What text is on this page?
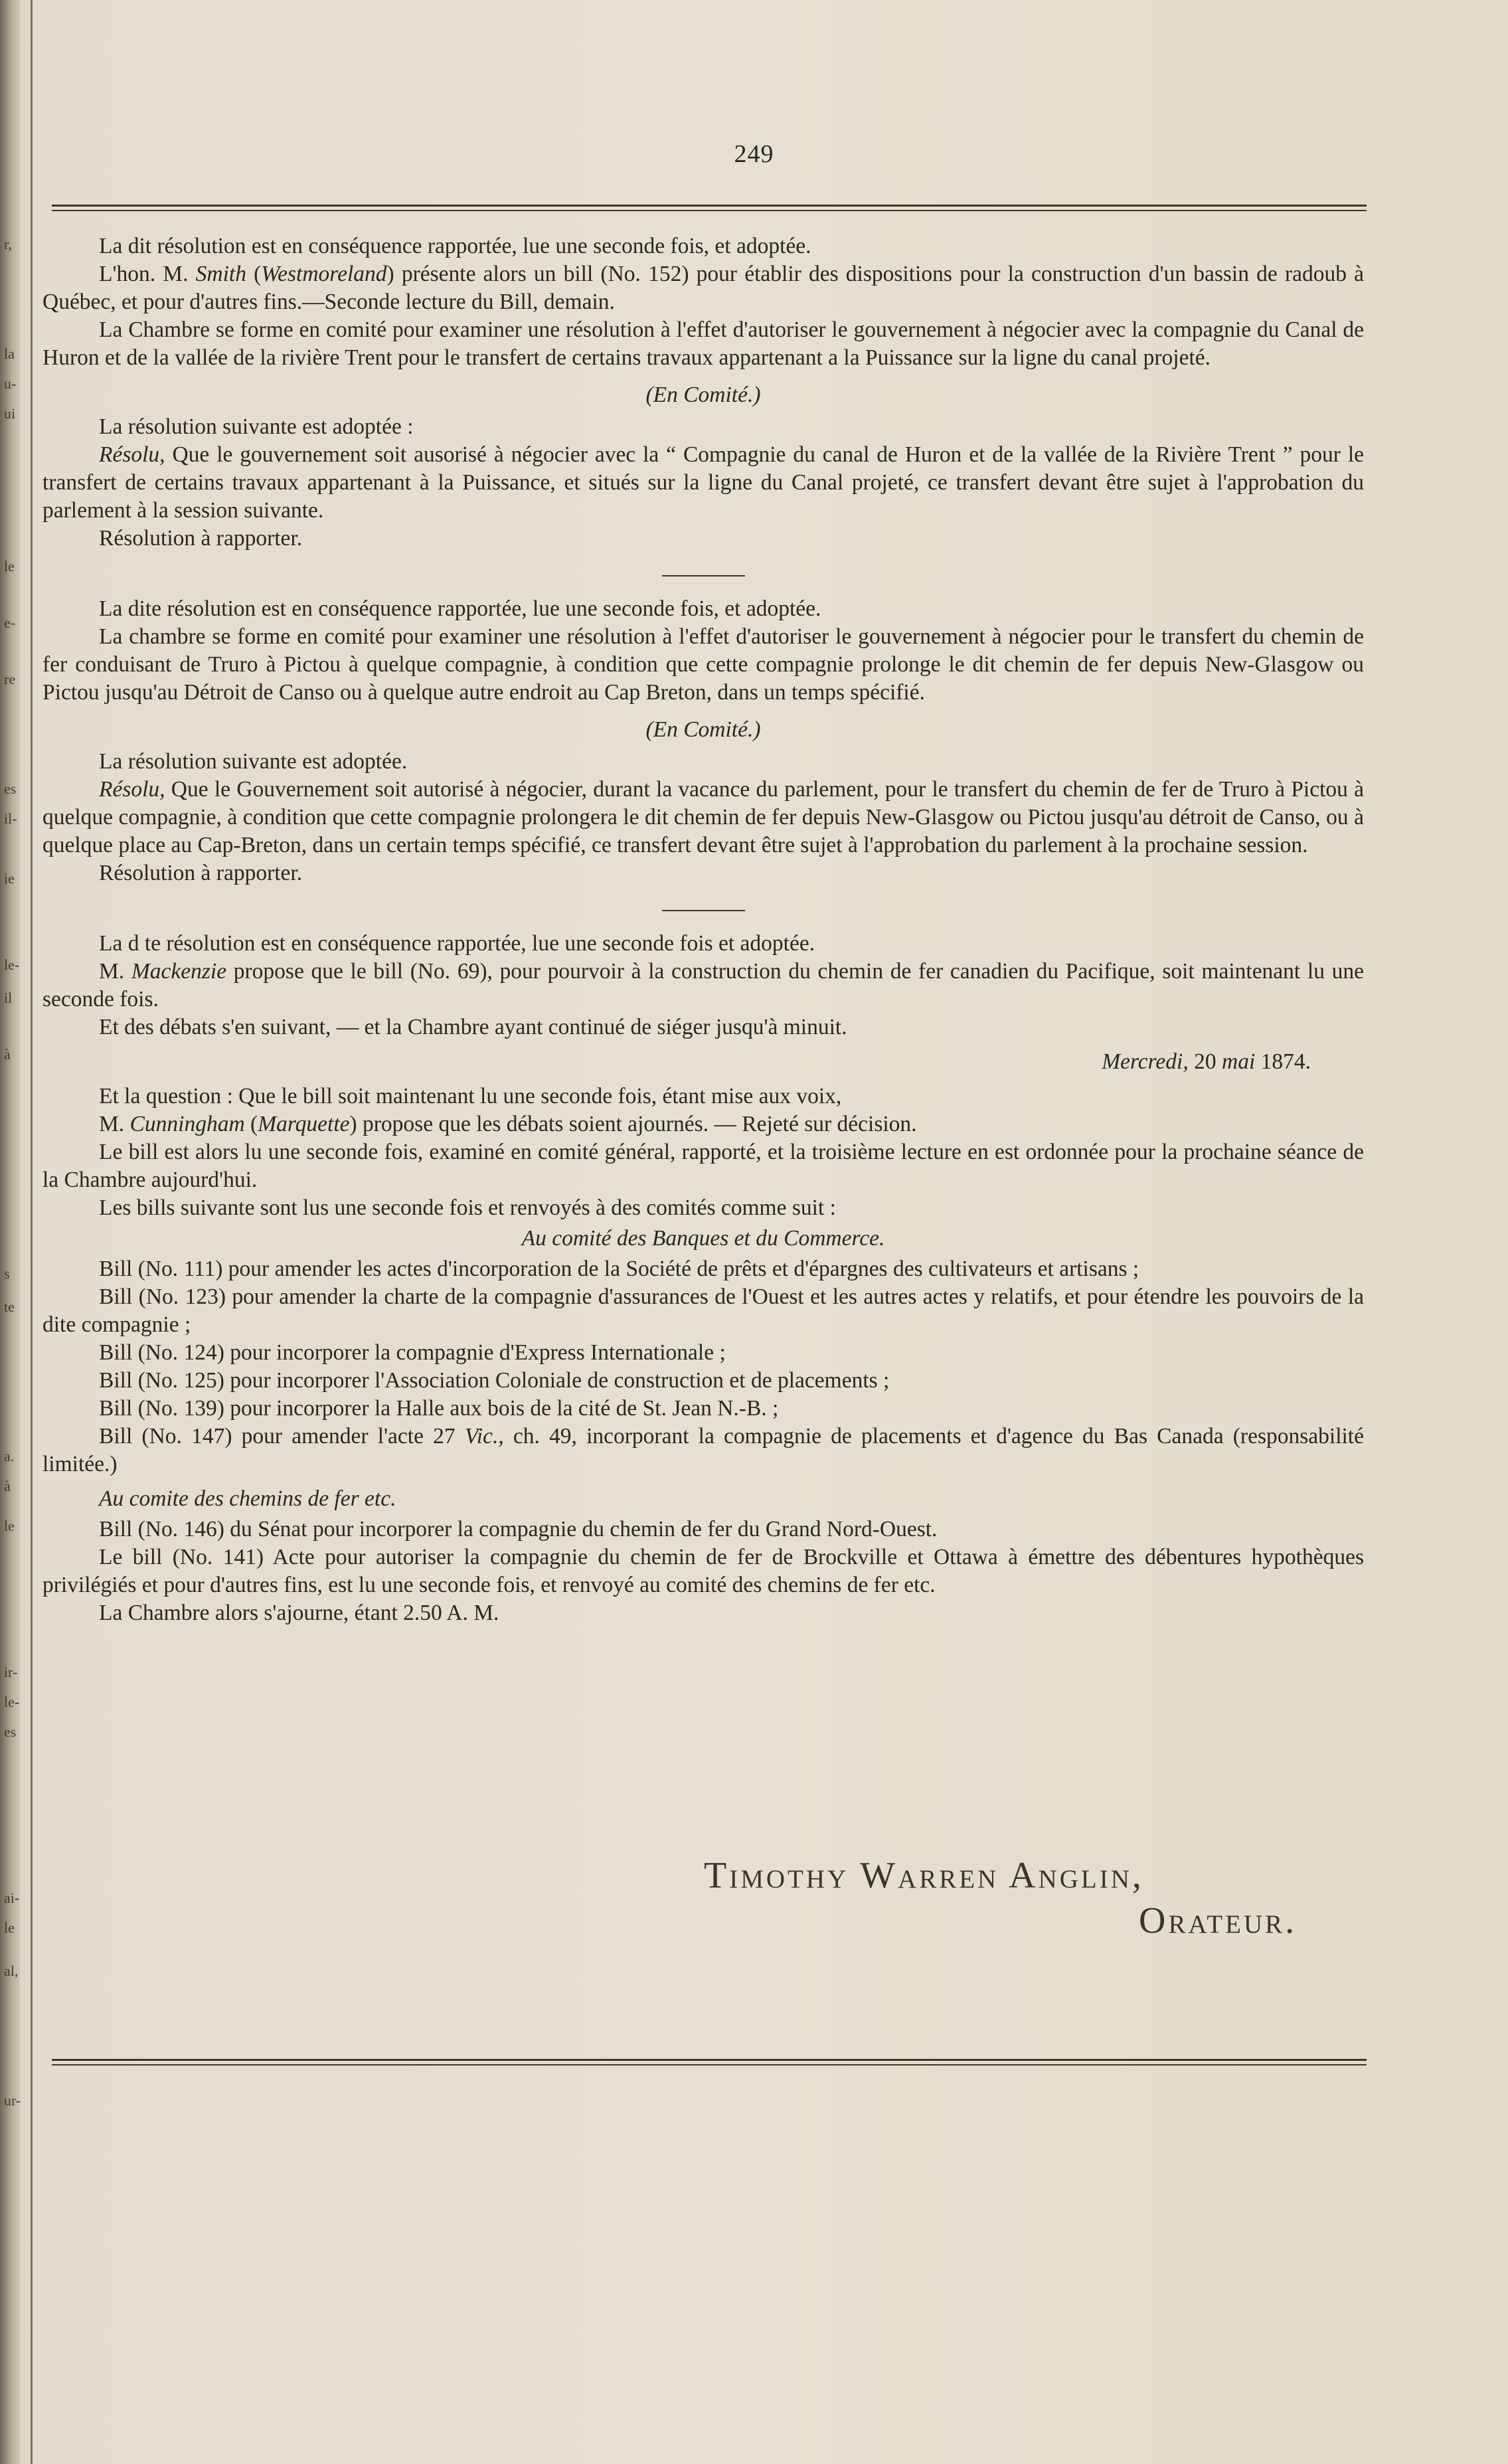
r,
la
u-
ui
le
e-
re
es
il-
ie
le-
il
à
s
te
a.
à
le
ir-
le-
es
ai-
le
al,
ur-
249

La dit résolution est en conséquence rapportée, lue une seconde fois, et adoptée.

L'hon. M. Smith (Westmoreland) présente alors un bill (No. 152) pour établir des dispositions pour la construction d'un bassin de radoub à Québec, et pour d'autres fins.—Seconde lecture du Bill, demain.

La Chambre se forme en comité pour examiner une résolution à l'effet d'autoriser le gouvernement à négocier avec la compagnie du Canal de Huron et de la vallée de la rivière Trent pour le transfert de certains travaux appartenant a la Puissance sur la ligne du canal projeté.

(En Comité.)

La résolution suivante est adoptée :

Résolu, Que le gouvernement soit ausorisé à négocier avec la “ Compagnie du canal de Huron et de la vallée de la Rivière Trent ” pour le transfert de certains travaux appartenant à la Puissance, et situés sur la ligne du Canal projeté, ce transfert devant être sujet à l'approbation du parlement à la session suivante.

Résolution à rapporter.

La dite résolution est en conséquence rapportée, lue une seconde fois, et adoptée.

La chambre se forme en comité pour examiner une résolution à l'effet d'autoriser le gouvernement à négocier pour le transfert du chemin de fer conduisant de Truro à Pictou à quelque compagnie, à condition que cette compagnie prolonge le dit chemin de fer depuis New-Glasgow ou Pictou jusqu'au Détroit de Canso ou à quelque autre endroit au Cap Breton, dans un temps spécifié.

(En Comité.)

La résolution suivante est adoptée.

Résolu, Que le Gouvernement soit autorisé à négocier, durant la vacance du parlement, pour le transfert du chemin de fer de Truro à Pictou à quelque compagnie, à condition que cette compagnie prolongera le dit chemin de fer depuis New-Glasgow ou Pictou jusqu'au détroit de Canso, ou à quelque place au Cap-Breton, dans un certain temps spécifié, ce transfert devant être sujet à l'approbation du parlement à la prochaine session.

Résolution à rapporter.

La d te résolution est en conséquence rapportée, lue une seconde fois et adoptée.

M. Mackenzie propose que le bill (No. 69), pour pourvoir à la construction du chemin de fer canadien du Pacifique, soit maintenant lu une seconde fois.

Et des débats s'en suivant, — et la Chambre ayant continué de siéger jusqu'à minuit.

Mercredi, 20 mai 1874.

Et la question : Que le bill soit maintenant lu une seconde fois, étant mise aux voix,

M. Cunningham (Marquette) propose que les débats soient ajournés. — Rejeté sur décision.

Le bill est alors lu une seconde fois, examiné en comité général, rapporté, et la troisième lecture en est ordonnée pour la prochaine séance de la Chambre aujourd'hui.

Les bills suivante sont lus une seconde fois et renvoyés à des comités comme suit :

Au comité des Banques et du Commerce.

Bill (No. 111) pour amender les actes d'incorporation de la Société de prêts et d'épargnes des cultivateurs et artisans ;

Bill (No. 123) pour amender la charte de la compagnie d'assurances de l'Ouest et les autres actes y relatifs, et pour étendre les pouvoirs de la dite compagnie ;

Bill (No. 124) pour incorporer la compagnie d'Express Internationale ;

Bill (No. 125) pour incorporer l'Association Coloniale de construction et de placements ;

Bill (No. 139) pour incorporer la Halle aux bois de la cité de St. Jean N.-B. ;

Bill (No. 147) pour amender l'acte 27 Vic., ch. 49, incorporant la compagnie de placements et d'agence du Bas Canada (responsabilité limitée.)

Au comite des chemins de fer etc.

Bill (No. 146) du Sénat pour incorporer la compagnie du chemin de fer du Grand Nord-Ouest.

Le bill (No. 141) Acte pour autoriser la compagnie du chemin de fer de Brockville et Ottawa à émettre des débentures hypothèques privilégiés et pour d'autres fins, est lu une seconde fois, et renvoyé au comité des chemins de fer etc.

La Chambre alors s'ajourne, étant 2.50 A. M.

Timothy Warren Anglin,
Orateur.
